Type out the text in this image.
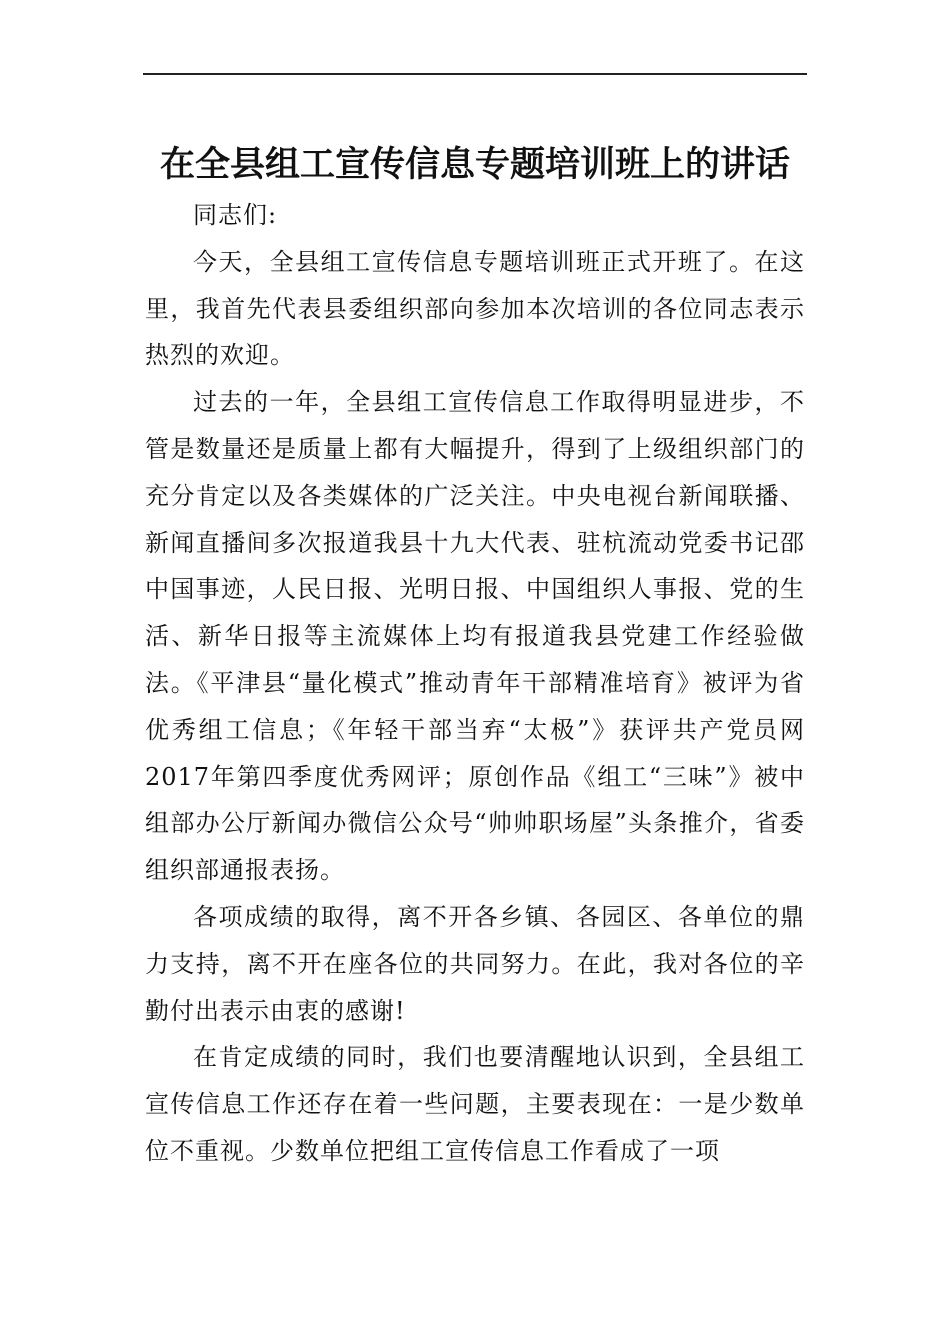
在全县组工宣传信息专题培训班上的讲话

同志们:

今天，全县组工宣传信息专题培训班正式开班了。在这里，我首先代表县委组织部向参加本次培训的各位同志表示热烈的欢迎。

过去的一年，全县组工宣传信息工作取得明显进步，不管是数量还是质量上都有大幅提升，得到了上级组织部门的充分肯定以及各类媒体的广泛关注。中央电视台新闻联播、新闻直播间多次报道我县十九大代表、驻杭流动党委书记邵中国事迹，人民日报、光明日报、中国组织人事报、党的生活、新华日报等主流媒体上均有报道我县党建工作经验做法。《平津县“量化模式”推动青年干部精准培育》被评为省优秀组工信息；《年轻干部当弃“太极”》获评共产党员网2017年第四季度优秀网评；原创作品《组工“三味”》被中组部办公厅新闻办微信公众号“帅帅职场屋”头条推介，省委组织部通报表扬。

各项成绩的取得，离不开各乡镇、各园区、各单位的鼎力支持，离不开在座各位的共同努力。在此，我对各位的辛勤付出表示由衷的感谢!

在肯定成绩的同时，我们也要清醒地认识到，全县组工宣传信息工作还存在着一些问题，主要表现在：一是少数单位不重视。少数单位把组工宣传信息工作看成了一项
